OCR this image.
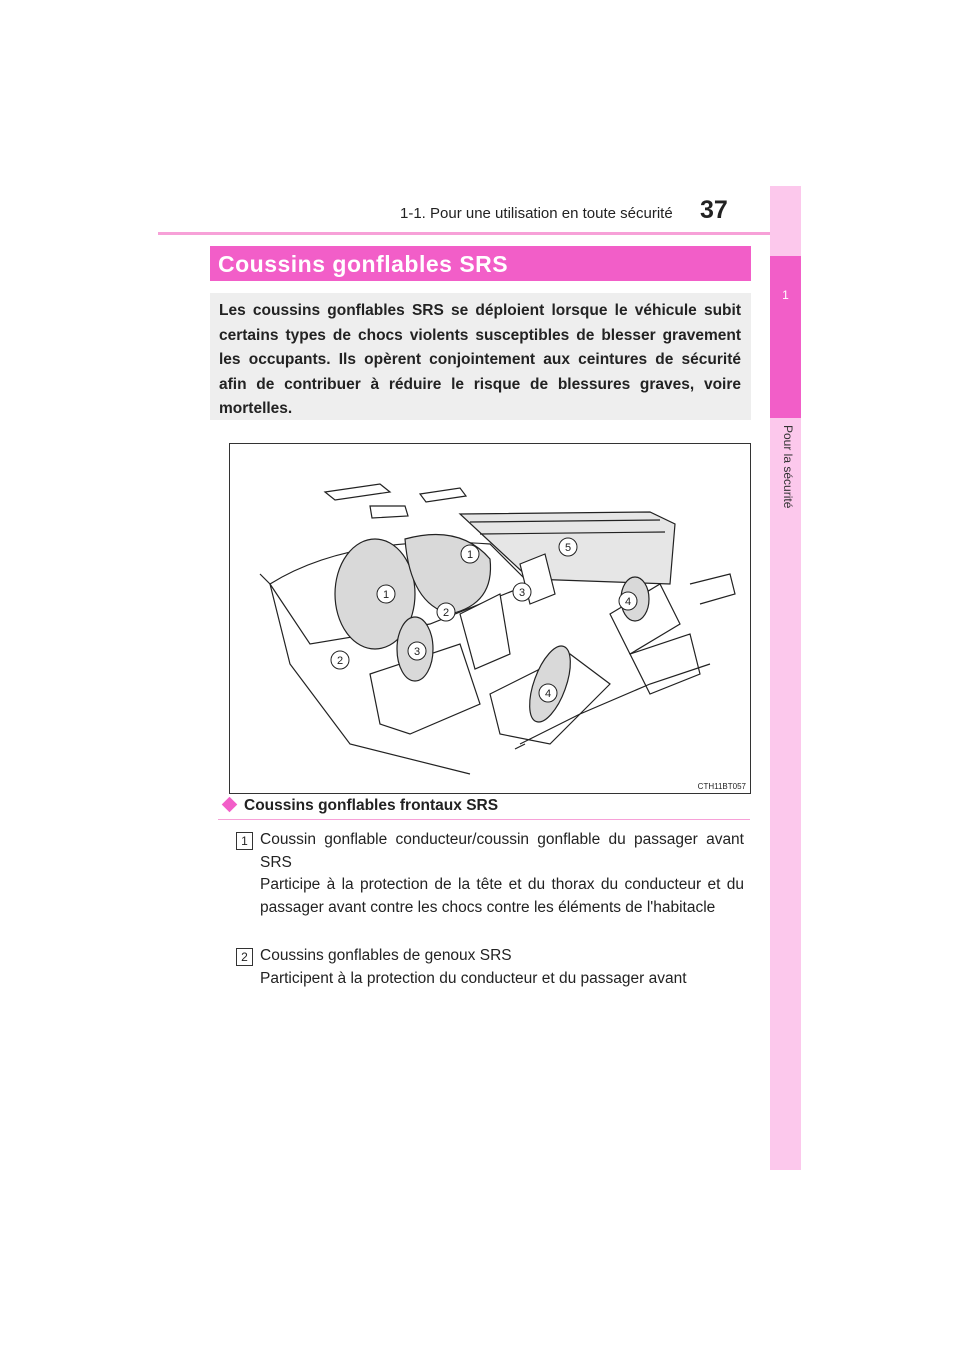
1-1. Pour une utilisation en toute sécurité 37
1
Pour la sécurité
Coussins gonflables SRS

Les coussins gonflables SRS se déploient lorsque le véhicule subit certains types de chocs violents susceptibles de blesser gravement les occupants. Ils opèrent conjointement aux ceintures de sécurité afin de contribuer à réduire le risque de blessures graves, voire mortelles.

1
1
2
2
3
3
4
4
5
CTH11BT057
Coussins gonflables frontaux SRS
1 Coussin gonflable conducteur/coussin gonflable du passager avant SRS
Participe à la protection de la tête et du thorax du conducteur et du passager avant contre les chocs contre les éléments de l'habitacle
2 Coussins gonflables de genoux SRS
Participent à la protection du conducteur et du passager avant
